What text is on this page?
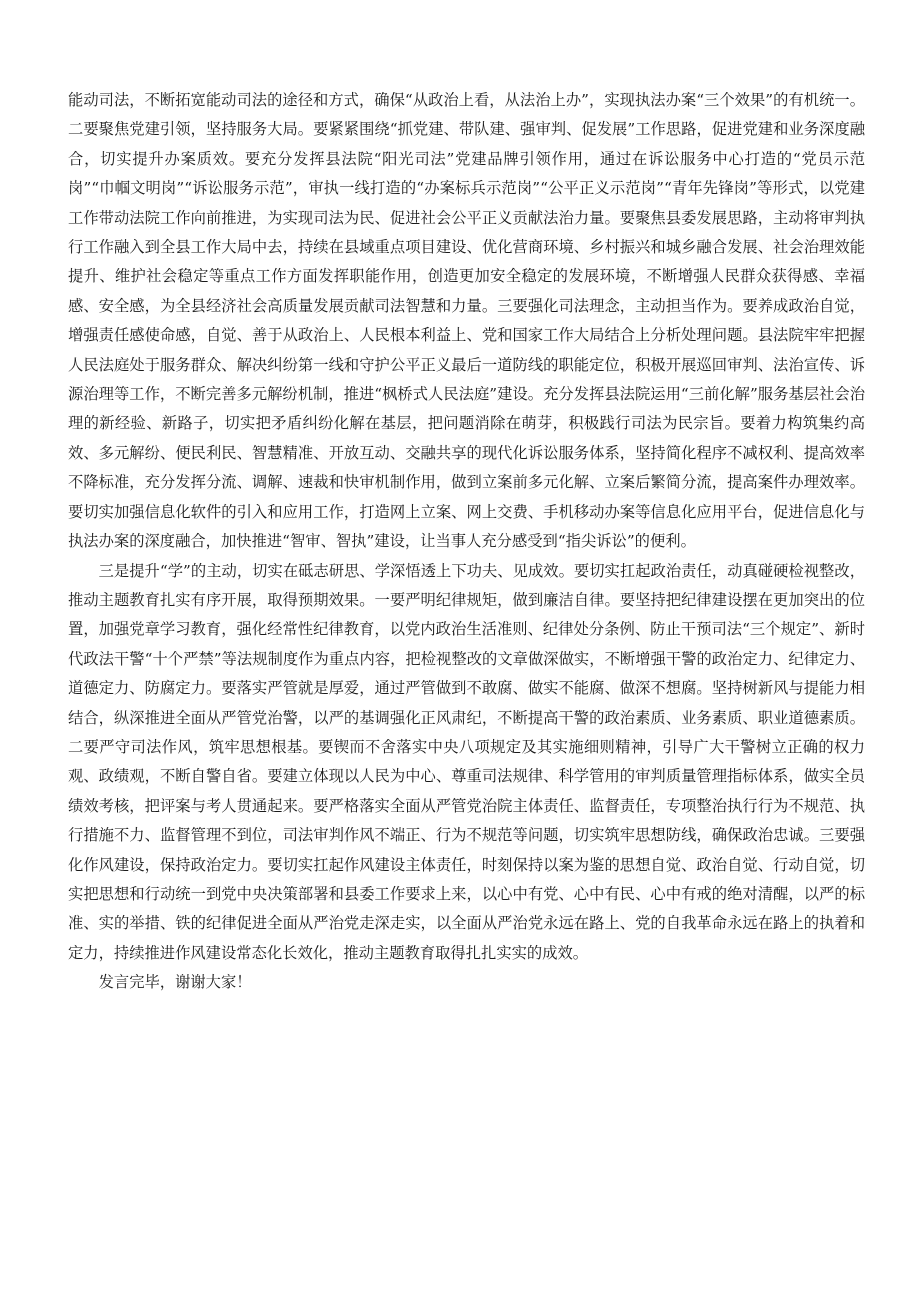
能动司法，不断拓宽能动司法的途径和方式，确保“从政治上看，从法治上办”，实现执法办案“三个效果”的有机统一。二要聚焦党建引领，坚持服务大局。要紧紧围绕“抓党建、带队建、强审判、促发展”工作思路，促进党建和业务深度融合，切实提升办案质效。要充分发挥县法院“阳光司法”党建品牌引领作用，通过在诉讼服务中心打造的“党员示范岗”“巾帼文明岗”“诉讼服务示范”，审执一线打造的“办案标兵示范岗”“公平正义示范岗”“青年先锋岗”等形式，以党建工作带动法院工作向前推进，为实现司法为民、促进社会公平正义贡献法治力量。要聚焦县委发展思路，主动将审判执行工作融入到全县工作大局中去，持续在县域重点项目建设、优化营商环境、乡村振兴和城乡融合发展、社会治理效能提升、维护社会稳定等重点工作方面发挥职能作用，创造更加安全稳定的发展环境，不断增强人民群众获得感、幸福感、安全感，为全县经济社会高质量发展贡献司法智慧和力量。三要强化司法理念，主动担当作为。要养成政治自觉，增强责任感使命感，自觉、善于从政治上、人民根本利益上、党和国家工作大局结合上分析处理问题。县法院牢牢把握人民法庭处于服务群众、解决纠纷第一线和守护公平正义最后一道防线的职能定位，积极开展巡回审判、法治宣传、诉源治理等工作，不断完善多元解纷机制，推进“枫桥式人民法庭”建设。充分发挥县法院运用“三前化解”服务基层社会治理的新经验、新路子，切实把矛盾纠纷化解在基层，把问题消除在萌芽，积极践行司法为民宗旨。要着力构筑集约高效、多元解纷、便民利民、智慧精准、开放互动、交融共享的现代化诉讼服务体系，坚持简化程序不减权利、提高效率不降标准，充分发挥分流、调解、速裁和快审机制作用，做到立案前多元化解、立案后繁简分流，提高案件办理效率。要切实加强信息化软件的引入和应用工作，打造网上立案、网上交费、手机移动办案等信息化应用平台，促进信息化与执法办案的深度融合，加快推进“智审、智执”建设，让当事人充分感受到“指尖诉讼”的便利。

三是提升“学”的主动，切实在砥志研思、学深悟透上下功夫、见成效。要切实扛起政治责任，动真碰硬检视整改，推动主题教育扎实有序开展，取得预期效果。一要严明纪律规矩，做到廉洁自律。要坚持把纪律建设摆在更加突出的位置，加强党章学习教育，强化经常性纪律教育，以党内政治生活准则、纪律处分条例、防止干预司法“三个规定”、新时代政法干警“十个严禁”等法规制度作为重点内容，把检视整改的文章做深做实，不断增强干警的政治定力、纪律定力、道德定力、防腐定力。要落实严管就是厚爱，通过严管做到不敢腐、做实不能腐、做深不想腐。坚持树新风与提能力相结合，纵深推进全面从严管党治警，以严的基调强化正风肃纪，不断提高干警的政治素质、业务素质、职业道德素质。二要严守司法作风，筑牢思想根基。要锲而不舍落实中央八项规定及其实施细则精神，引导广大干警树立正确的权力观、政绩观，不断自警自省。要建立体现以人民为中心、尊重司法规律、科学管用的审判质量管理指标体系，做实全员绩效考核，把评案与考人贯通起来。要严格落实全面从严管党治院主体责任、监督责任，专项整治执行行为不规范、执行措施不力、监督管理不到位，司法审判作风不端正、行为不规范等问题，切实筑牢思想防线，确保政治忠诚。三要强化作风建设，保持政治定力。要切实扛起作风建设主体责任，时刻保持以案为鉴的思想自觉、政治自觉、行动自觉，切实把思想和行动统一到党中央决策部署和县委工作要求上来，以心中有党、心中有民、心中有戒的绝对清醒，以严的标准、实的举措、铁的纪律促进全面从严治党走深走实，以全面从严治党永远在路上、党的自我革命永远在路上的执着和定力，持续推进作风建设常态化长效化，推动主题教育取得扎扎实实的成效。

发言完毕，谢谢大家！
